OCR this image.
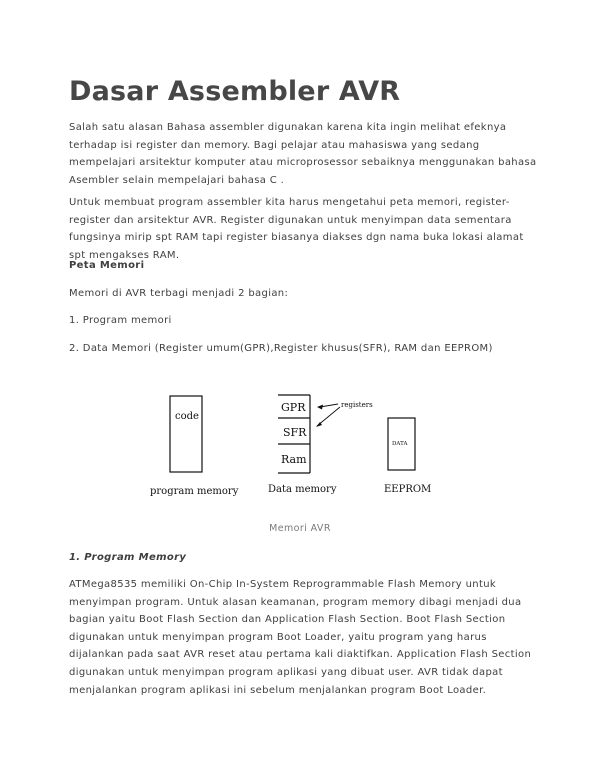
Dasar Assembler AVR

Salah satu alasan Bahasa assembler digunakan karena kita ingin melihat efeknya terhadap isi register dan memory. Bagi pelajar atau mahasiswa yang sedang mempelajari arsitektur komputer atau microprosessor sebaiknya menggunakan bahasa Asembler selain mempelajari bahasa C .

Untuk membuat program assembler kita harus mengetahui peta memori, register-register dan arsitektur AVR. Register digunakan untuk menyimpan data sementara fungsinya mirip spt RAM tapi register biasanya diakses dgn nama buka lokasi alamat spt mengakses RAM.

Peta Memori

Memori di AVR terbagi menjadi 2 bagian:

1. Program memori

2. Data Memori (Register umum(GPR),Register khusus(SFR), RAM dan EEPROM)

code
program memory
GPR
SFR
Ram
Data memory
registers
DATA
EEPROM
Memori AVR

1. Program Memory

ATMega8535 memiliki On-Chip In-System Reprogrammable Flash Memory untuk menyimpan program. Untuk alasan keamanan, program memory dibagi menjadi dua bagian yaitu Boot Flash Section dan Application Flash Section. Boot Flash Section digunakan untuk menyimpan program Boot Loader, yaitu program yang harus dijalankan pada saat AVR reset atau pertama kali diaktifkan. Application Flash Section digunakan untuk menyimpan program aplikasi yang dibuat user. AVR tidak dapat menjalankan program aplikasi ini sebelum menjalankan program Boot Loader.
